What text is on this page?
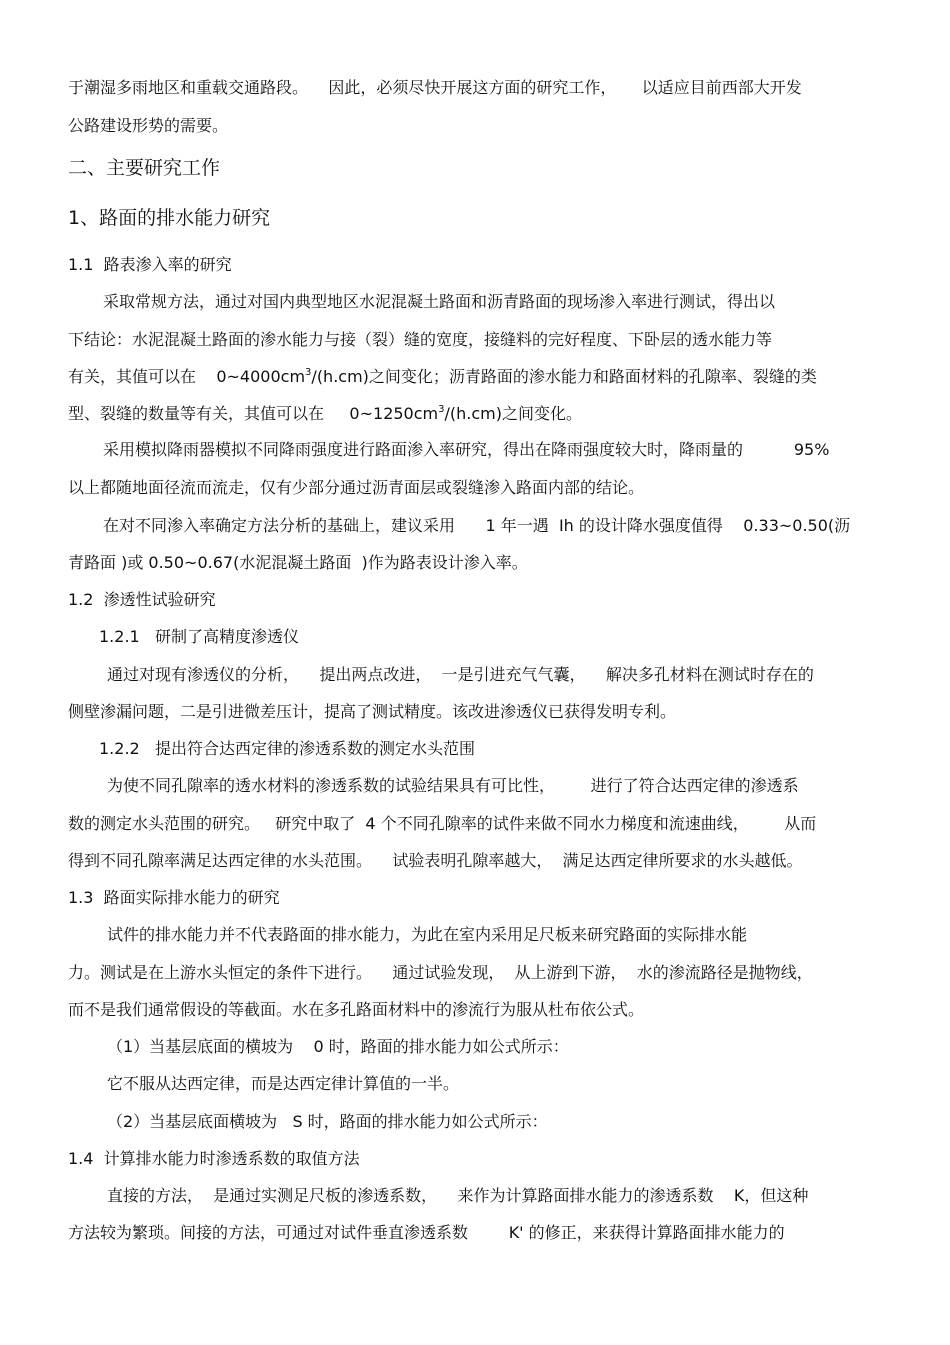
于潮湿多雨地区和重载交通路段。    因此，必须尽快开展这方面的研究工作，     以适应目前西部大开发
公路建设形势的需要。
二、主要研究工作
1、路面的排水能力研究
1.1  路表渗入率的研究
采取常规方法，通过对国内典型地区水泥混凝土路面和沥青路面的现场渗入率进行测试，得出以
下结论：水泥混凝土路面的渗水能力与接（裂）缝的宽度，接缝料的完好程度、下卧层的透水能力等
有关，其值可以在    $0\sim 4000cm^3/(h.cm)$之间变化；沥青路面的渗水能力和路面材料的孔隙率、裂缝的类
型、裂缝的数量等有关，其值可以在     $0\sim 1250cm^3/(h.cm)$之间变化。
采用模拟降雨器模拟不同降雨强度进行路面渗入率研究，得出在降雨强度较大时，降雨量的          95%
以上都随地面径流而流走，仅有少部分通过沥青面层或裂缝渗入路面内部的结论。
在对不同渗入率确定方法分析的基础上，建议采用      1 年一遇  Ih 的设计降水强度值得    0.33~0.50(沥
青路面 )或 0.50~0.67(水泥混凝土路面  )作为路表设计渗入率。
1.2  渗透性试验研究
1.2.1   研制了高精度渗透仪
通过对现有渗透仪的分析，    提出两点改进，  一是引进充气气囊，    解决多孔材料在测试时存在的
侧壁渗漏问题，二是引进微差压计，提高了测试精度。该改进渗透仪已获得发明专利。
1.2.2   提出符合达西定律的渗透系数的测定水头范围
为使不同孔隙率的透水材料的渗透系数的试验结果具有可比性，       进行了符合达西定律的渗透系
数的测定水头范围的研究。   研究中取了  4 个不同孔隙率的试件来做不同水力梯度和流速曲线，       从而
得到不同孔隙率满足达西定律的水头范围。    试验表明孔隙率越大，  满足达西定律所要求的水头越低。
1.3  路面实际排水能力的研究
试件的排水能力并不代表路面的排水能力，为此在室内采用足尺板来研究路面的实际排水能
力。测试是在上游水头恒定的条件下进行。    通过试验发现，  从上游到下游，  水的渗流路径是抛物线，
而不是我们通常假设的等截面。水在多孔路面材料中的渗流行为服从杜布依公式。
（1）当基层底面的横坡为    0 时，路面的排水能力如公式所示：
它不服从达西定律，而是达西定律计算值的一半。
（2）当基层底面横坡为   S 时，路面的排水能力如公式所示：
1.4  计算排水能力时渗透系数的取值方法
直接的方法，  是通过实测足尺板的渗透系数，    来作为计算路面排水能力的渗透系数    K，但这种
方法较为繁琐。间接的方法，可通过对试件垂直渗透系数        K' 的修正，来获得计算路面排水能力的
